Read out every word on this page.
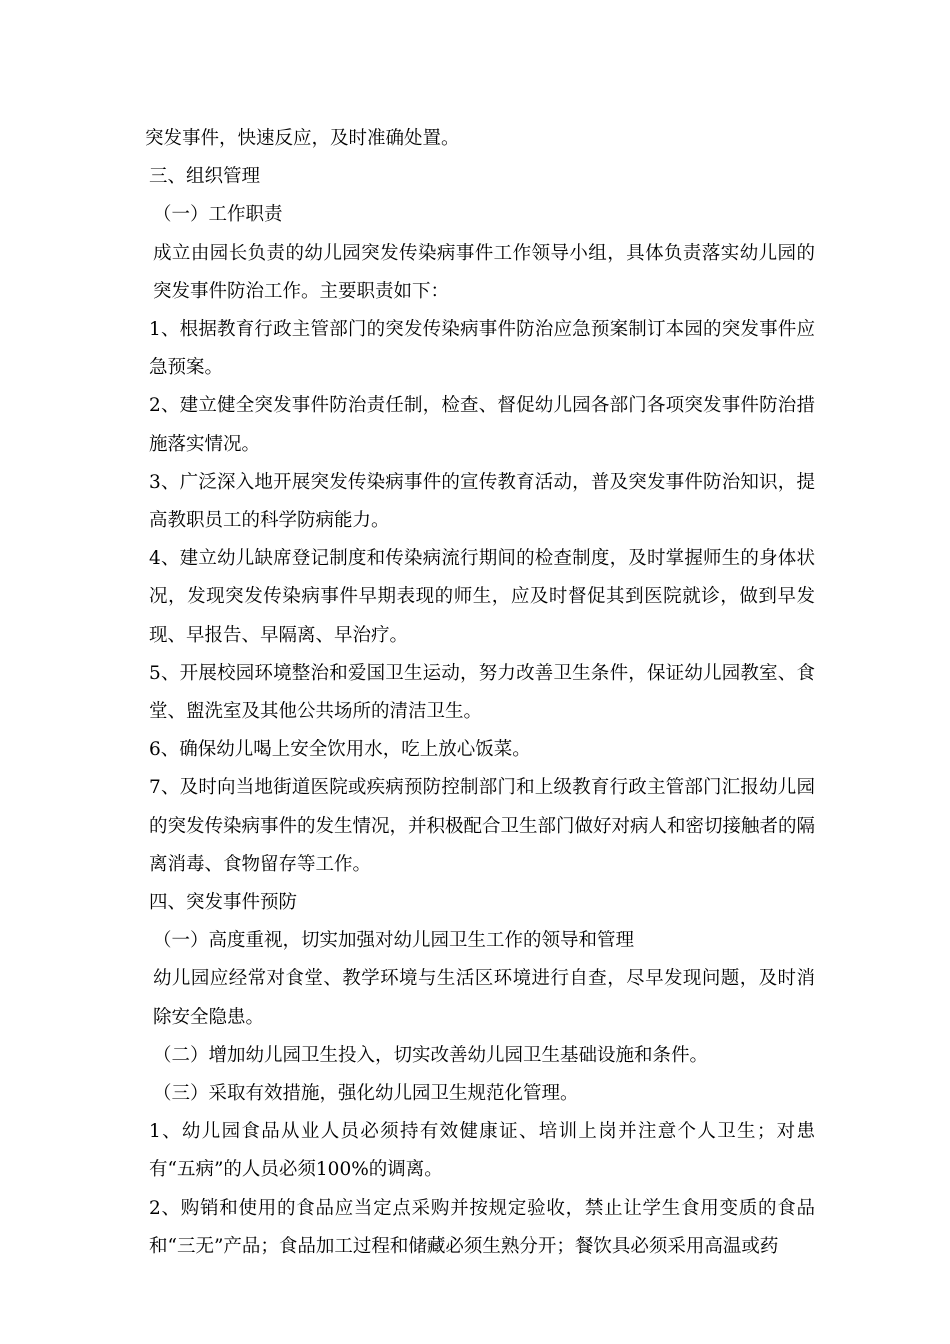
突发事件，快速反应，及时准确处置。

三、组织管理

（一）工作职责

成立由园长负责的幼儿园突发传染病事件工作领导小组，具体负责落实幼儿园的突发事件防治工作。主要职责如下：

1、根据教育行政主管部门的突发传染病事件防治应急预案制订本园的突发事件应急预案。

2、建立健全突发事件防治责任制，检查、督促幼儿园各部门各项突发事件防治措施落实情况。

3、广泛深入地开展突发传染病事件的宣传教育活动，普及突发事件防治知识，提高教职员工的科学防病能力。

4、建立幼儿缺席登记制度和传染病流行期间的检查制度，及时掌握师生的身体状况，发现突发传染病事件早期表现的师生，应及时督促其到医院就诊，做到早发现、早报告、早隔离、早治疗。

5、开展校园环境整治和爱国卫生运动，努力改善卫生条件，保证幼儿园教室、食堂、盥洗室及其他公共场所的清洁卫生。

6、确保幼儿喝上安全饮用水，吃上放心饭菜。

7、及时向当地街道医院或疾病预防控制部门和上级教育行政主管部门汇报幼儿园的突发传染病事件的发生情况，并积极配合卫生部门做好对病人和密切接触者的隔离消毒、食物留存等工作。

四、突发事件预防

（一）高度重视，切实加强对幼儿园卫生工作的领导和管理

幼儿园应经常对食堂、教学环境与生活区环境进行自查，尽早发现问题，及时消除安全隐患。

（二）增加幼儿园卫生投入，切实改善幼儿园卫生基础设施和条件。

（三）采取有效措施，强化幼儿园卫生规范化管理。

1、幼儿园食品从业人员必须持有效健康证、培训上岗并注意个人卫生；对患有“五病”的人员必须100%的调离。

2、购销和使用的食品应当定点采购并按规定验收，禁止让学生食用变质的食品和“三无”产品；食品加工过程和储藏必须生熟分开；餐饮具必须采用高温或药
